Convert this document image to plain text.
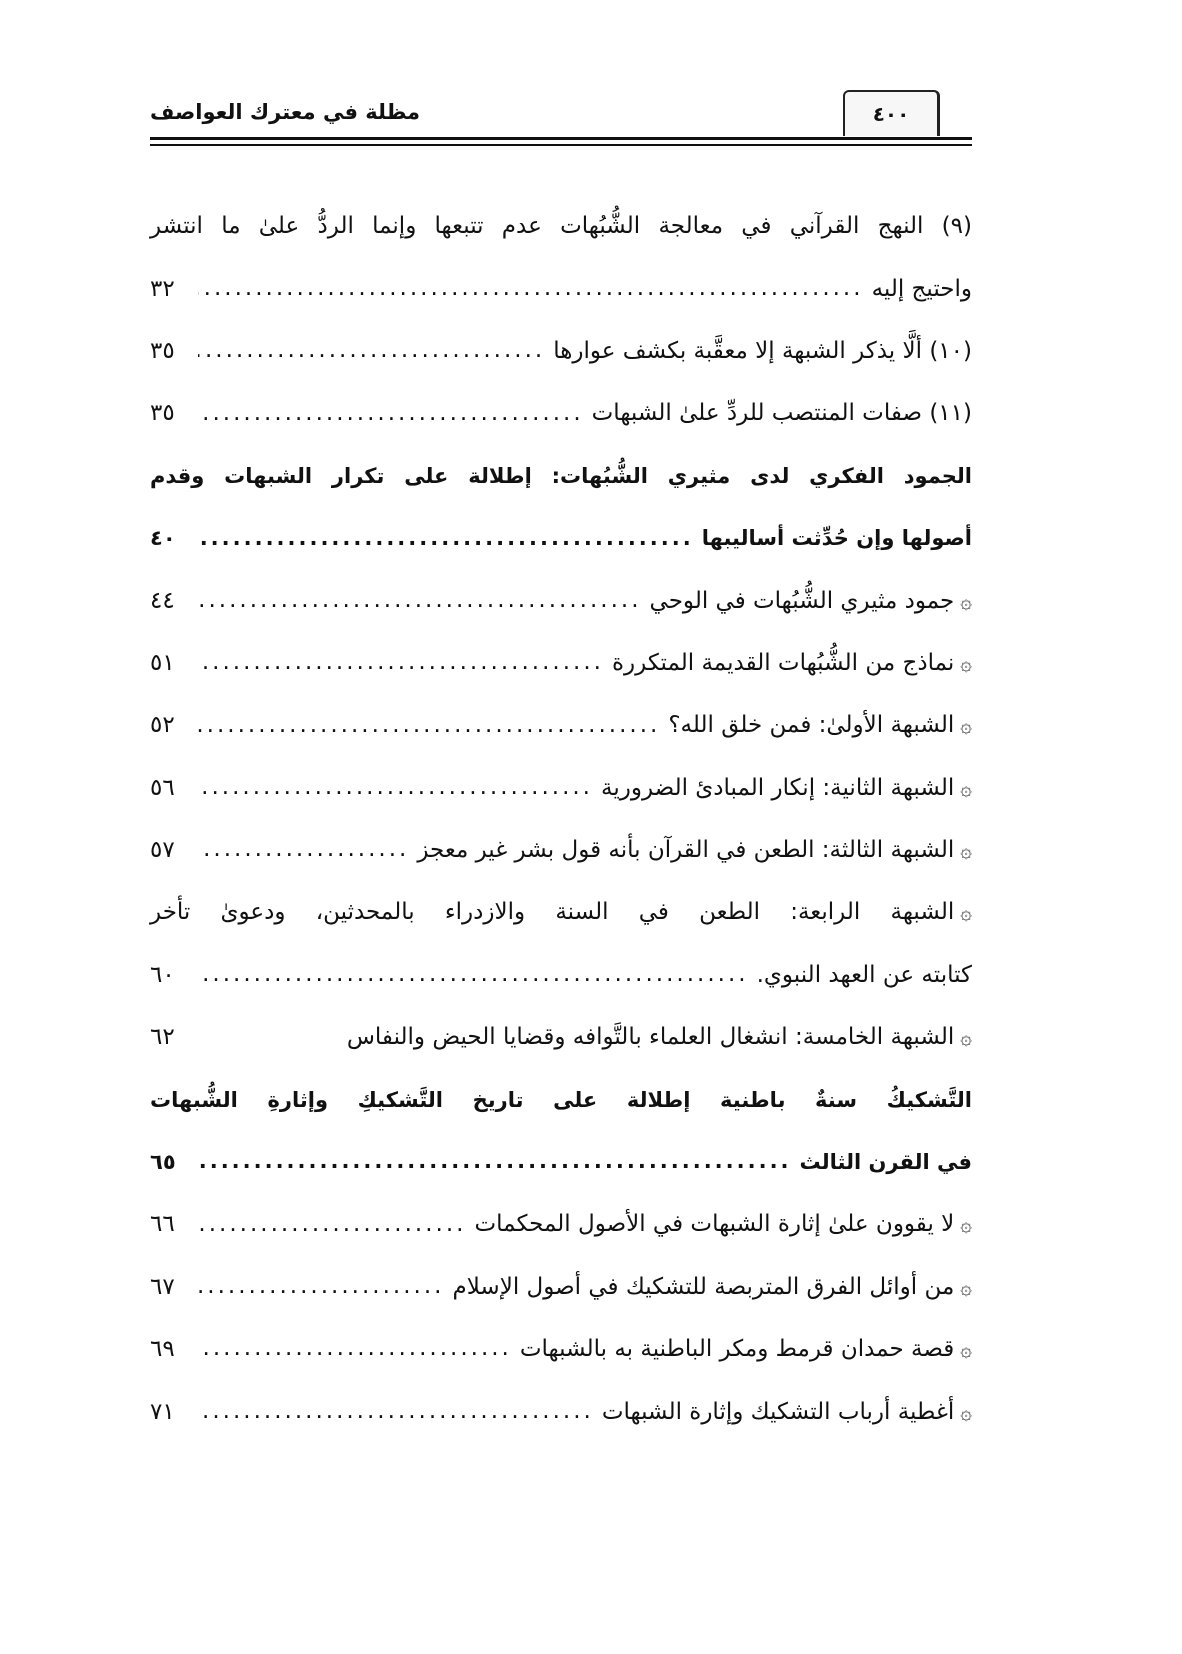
مظلة في معترك العواصف	٤٠٠
(٩) النهج القرآني في معالجة الشُّبُهات عدم تتبعها وإنما الردُّ علىٰ ما انتشر
واحتيج إليه
.....
٣٢
(١٠) ألَّا يذكر الشبهة إلا معقَّبة بكشف عوارها
.....
٣٥
(١١) صفات المنتصب للردِّ علىٰ الشبهات
.....
٣٥
الجمود الفكري لدى مثيري الشُّبُهات: إطلالة على تكرار الشبهات وقدم
أصولها وإن حُدِّثت أساليبها
.....
٤٠
۞
جمود مثيري الشُّبُهات في الوحي
.....
٤٤
۞
نماذج من الشُّبُهات القديمة المتكررة
.....
٥١
۞
الشبهة الأولىٰ: فمن خلق الله؟
.....
٥٢
۞
الشبهة الثانية: إنكار المبادئ الضرورية
.....
٥٦
۞
الشبهة الثالثة: الطعن في القرآن بأنه قول بشر غير معجز
.....
٥٧
۞
الشبهة الرابعة: الطعن في السنة والازدراء بالمحدثين، ودعوىٰ تأخر
كتابته عن العهد النبوي.
.....
٦٠
۞
الشبهة الخامسة: انشغال العلماء بالتَّوافه وقضايا الحيض والنفاس
٦٢
التَّشكيكُ سنةٌ باطنية إطلالة على تاريخ التَّشكيكِ وإثارةِ الشُّبهات
في القرن الثالث
.....
٦٥
۞
لا يقوون علىٰ إثارة الشبهات في الأصول المحكمات
.....
٦٦
۞
من أوائل الفرق المتربصة للتشكيك في أصول الإسلام
.....
٦٧
۞
قصة حمدان قرمط ومكر الباطنية به بالشبهات
.....
٦٩
۞
أغطية أرباب التشكيك وإثارة الشبهات
.....
٧١
